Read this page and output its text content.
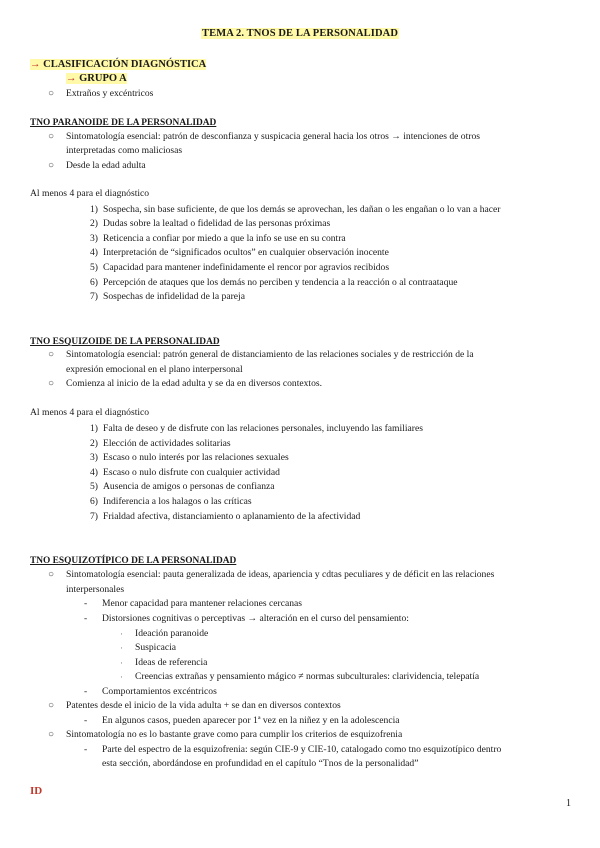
TEMA 2. TNOS DE LA PERSONALIDAD
→ CLASIFICACIÓN DIAGNÓSTICA
→ GRUPO A
○ Extraños y excéntricos
TNO PARANOIDE DE LA PERSONALIDAD
○ Sintomatología esencial: patrón de desconfianza y suspicacia general hacia los otros → intenciones de otros
interpretadas como maliciosas
○ Desde la edad adulta
Al menos 4 para el diagnóstico
1) Sospecha, sin base suficiente, de que los demás se aprovechan, les dañan o les engañan o lo van a hacer
2) Dudas sobre la lealtad o fidelidad de las personas próximas
3) Reticencia a confiar por miedo a que la info se use en su contra
4) Interpretación de “significados ocultos” en cualquier observación inocente
5) Capacidad para mantener indefinidamente el rencor por agravios recibidos
6) Percepción de ataques que los demás no perciben y tendencia a la reacción o al contraataque
7) Sospechas de infidelidad de la pareja
TNO ESQUIZOIDE DE LA PERSONALIDAD
○ Sintomatología esencial: patrón general de distanciamiento de las relaciones sociales y de restricción de la
expresión emocional en el plano interpersonal
○ Comienza al inicio de la edad adulta y se da en diversos contextos.
Al menos 4 para el diagnóstico
1) Falta de deseo y de disfrute con las relaciones personales, incluyendo las familiares
2) Elección de actividades solitarias
3) Escaso o nulo interés por las relaciones sexuales
4) Escaso o nulo disfrute con cualquier actividad
5) Ausencia de amigos o personas de confianza
6) Indiferencia a los halagos o las críticas
7) Frialdad afectiva, distanciamiento o aplanamiento de la afectividad
TNO ESQUIZOTÍPICO DE LA PERSONALIDAD
○ Sintomatología esencial: pauta generalizada de ideas, apariencia y cdtas peculiares y de déficit en las relaciones
interpersonales
- Menor capacidad para mantener relaciones cercanas
- Distorsiones cognitivas o perceptivas → alteración en el curso del pensamiento:
· Ideación paranoide
· Suspicacia
· Ideas de referencia
· Creencias extrañas y pensamiento mágico ≠ normas subculturales: clarividencia, telepatía
- Comportamientos excéntricos
○ Patentes desde el inicio de la vida adulta + se dan en diversos contextos
- En algunos casos, pueden aparecer por 1ª vez en la niñez y en la adolescencia
○ Sintomatología no es lo bastante grave como para cumplir los criterios de esquizofrenia
- Parte del espectro de la esquizofrenia: según CIE-9 y CIE-10, catalogado como tno esquizotípico dentro
esta sección, abordándose en profundidad en el capítulo “Tnos de la personalidad”
ID
1
